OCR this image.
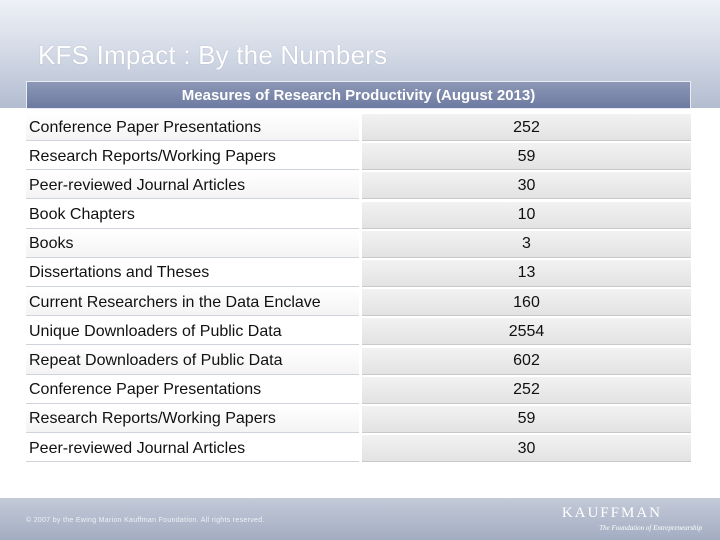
KFS Impact : By the Numbers
Measures of Research Productivity (August 2013)
Conference Paper Presentations	252
Research Reports/Working Papers	59
Peer-reviewed Journal Articles	30
Book Chapters	10
Books	3
Dissertations and Theses	13
Current Researchers in the Data Enclave	160
Unique Downloaders of Public Data	2554
Repeat Downloaders of Public Data	602
Conference Paper Presentations	252
Research Reports/Working Papers	59
Peer-reviewed Journal Articles	30
© 2007 by the Ewing Marion Kauffman Foundation. All rights reserved.	KAUFFMAN
The Foundation of Entrepreneurship
